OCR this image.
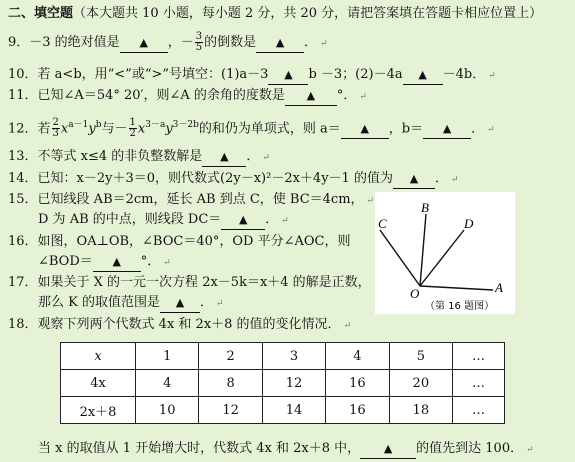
二、填空题（本大题共 10 小题，每小题 2 分，共 20 分，请把答案填在答题卡相应位置上）
9．－3 的绝对值是 ▲ ，－ $\frac{3}{5}$ 的倒数是 ▲ ． ↵
10．若 a<b，用“<”或“>”号填空：(1)a－3 ▲ b －3；(2)－4a ▲ －4b． ↵
11．已知∠A＝54° 20′，则∠A 的余角的度数是 ▲ °． ↵
12．若 $\frac{2}{3} x^{a-1}y^b$与－ $\frac{1}{2} x^{3-a}y^{3-2b}$的和仍为单项式，则 a＝ ▲ ，b＝ ▲ ． ↵
13．不等式 x≤4 的非负整数解是 ▲ ． ↵
14．已知：x－2y＋3＝0，则代数式(2y－x)²－2x＋4y－1 的值为 ▲ ． ↵
15．已知线段 AB＝2cm，延长 AB 到点 C，使 BC＝4cm， ↵
D 为 AB 的中点，则线段 DC＝ ▲ ． ↵
16．如图，OA⊥OB，∠BOC＝40°，OD 平分∠AOC，则
∠BOD＝ ▲ °． ↵
17．如果关于 X 的一元一次方程 2x－5k＝x＋4 的解是正数，
那么 K 的取值范围是 ▲ ． ↵
18．观察下列两个代数式 4x 和 2x＋8 的值的变化情况． ↵
C
B
D
O	A
（第 16 题图）
x	1	2	3	4	5	…
4x	4	8	12	16	20	…
2x＋8	10	12	14	16	18	…
当 x 的取值从 1 开始增大时，代数式 4x 和 2x＋8 中， ▲ 的值先到达 100． ↵
